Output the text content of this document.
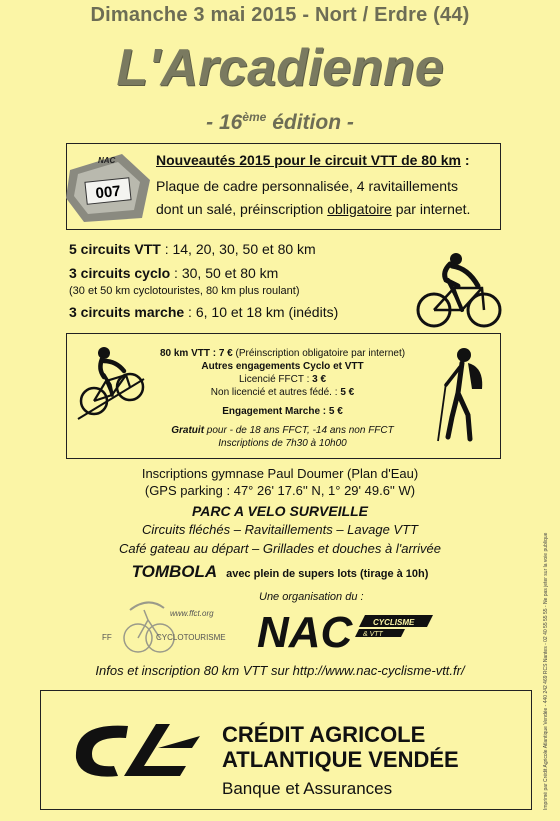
Dimanche 3 mai 2015 - Nort / Erdre (44)
L'Arcadienne
- 16ème édition -
007
NAC	Nouveautés 2015 pour le circuit VTT de 80 km :
Plaque de cadre personnalisée, 4 ravitaillements
dont un salé, préinscription obligatoire par internet.
5 circuits VTT : 14, 20, 30, 50 et 80 km
3 circuits cyclo : 30, 50 et 80 km
(30 et 50 km cyclotouristes, 80 km plus roulant)
3 circuits marche : 6, 10 et 18 km (inédits)
80 km VTT : 7 € (Préinscription obligatoire par internet)
Autres engagements Cyclo et VTT
Licencié FFCT : 3 €
Non licencié et autres fédé. : 5 €
Engagement Marche : 5 €
Gratuit pour - de 18 ans FFCT, -14 ans non FFCT
Inscriptions de 7h30 à 10h00
Inscriptions gymnase Paul Doumer (Plan d'Eau)
(GPS parking : 47° 26' 17.6'' N, 1° 29' 49.6'' W)
PARC A VELO SURVEILLE
Circuits fléchés – Ravitaillements – Lavage VTT
Café gateau au départ – Grillades et douches à l'arrivée
TOMBOLA avec plein de supers lots (tirage à 10h)
www.ffct.org
FF	CYCLOTOURISME
Une organisation du :
NAC	CYCLISME
& VTT
Infos et inscription 80 km VTT sur http://www.nac-cyclisme-vtt.fr/
CRÉDIT AGRICOLE
ATLANTIQUE VENDÉE
Banque et Assurances	Imprimé par Crédit Agricole Atlantique Vendée - 440 242 469 RCS Nantes - 02 40 55 55 55 - Ne pas jeter sur la voie publique
